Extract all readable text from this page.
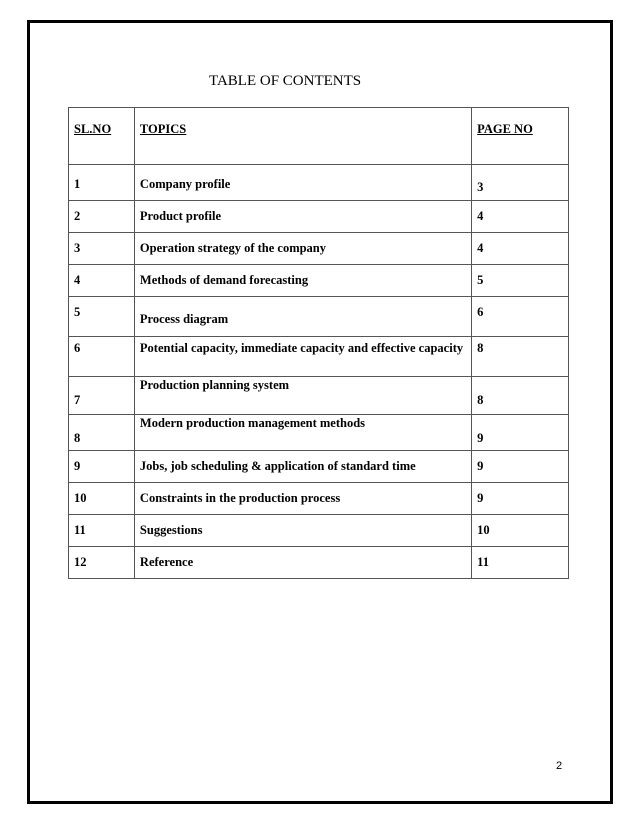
TABLE OF CONTENTS
SL.NO	TOPICS	PAGE NO

1	Company profile	3

2	Product profile	4

3	Operation strategy of the company	4

4	Methods of demand forecasting	5

5	Process diagram	6

6	Potential capacity, immediate capacity and effective capacity	8

7	Production planning system	8

8	Modern production management methods	9

9	Jobs, job scheduling & application of standard time	9

10	Constraints in the production process	9

11	Suggestions	10

12	Reference	11
2
